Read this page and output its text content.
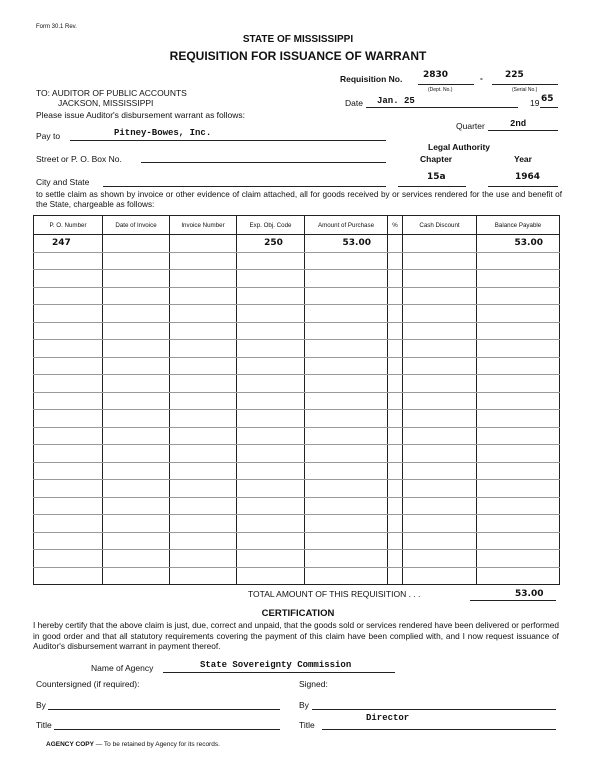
Form 30.1 Rev.
STATE OF MISSISSIPPI
REQUISITION FOR ISSUANCE OF WARRANT
Requisition No. 2830	- 225
(Dept. No.)	(Serial No.)
TO: AUDITOR OF PUBLIC ACCOUNTS
JACKSON, MISSISSIPPI
Please issue Auditor's disbursement warrant as follows:
Date Jan. 25	19 65
Quarter	2nd
Pay to	Pitney-Bowes, Inc.
Legal Authority
Chapter	Year
Street or P. O. Box No.
City and State	15a	1964
to settle claim as shown by invoice or other evidence of claim attached, all for goods received by or services rendered for the use and benefit of the State, chargeable as follows:
P. O. Number	Date of Invoice	Invoice Number	Exp. Obj. Code	Amount of Purchase	%	Cash Discount	Balance Payable
247			250	53.00			53.00

TOTAL AMOUNT OF THIS REQUISITION . . .	53.00
CERTIFICATION
I hereby certify that the above claim is just, due, correct and unpaid, that the goods sold or services rendered have been delivered or performed in good order and that all statutory requirements covering the payment of this claim have been complied with, and I now request issuance of Auditor's disbursement warrant in payment thereof.
Name of Agency	State Sovereignty Commission
Countersigned (if required):	Signed:
By	By
Title	Title
Director
AGENCY COPY — To be retained by Agency for its records.
